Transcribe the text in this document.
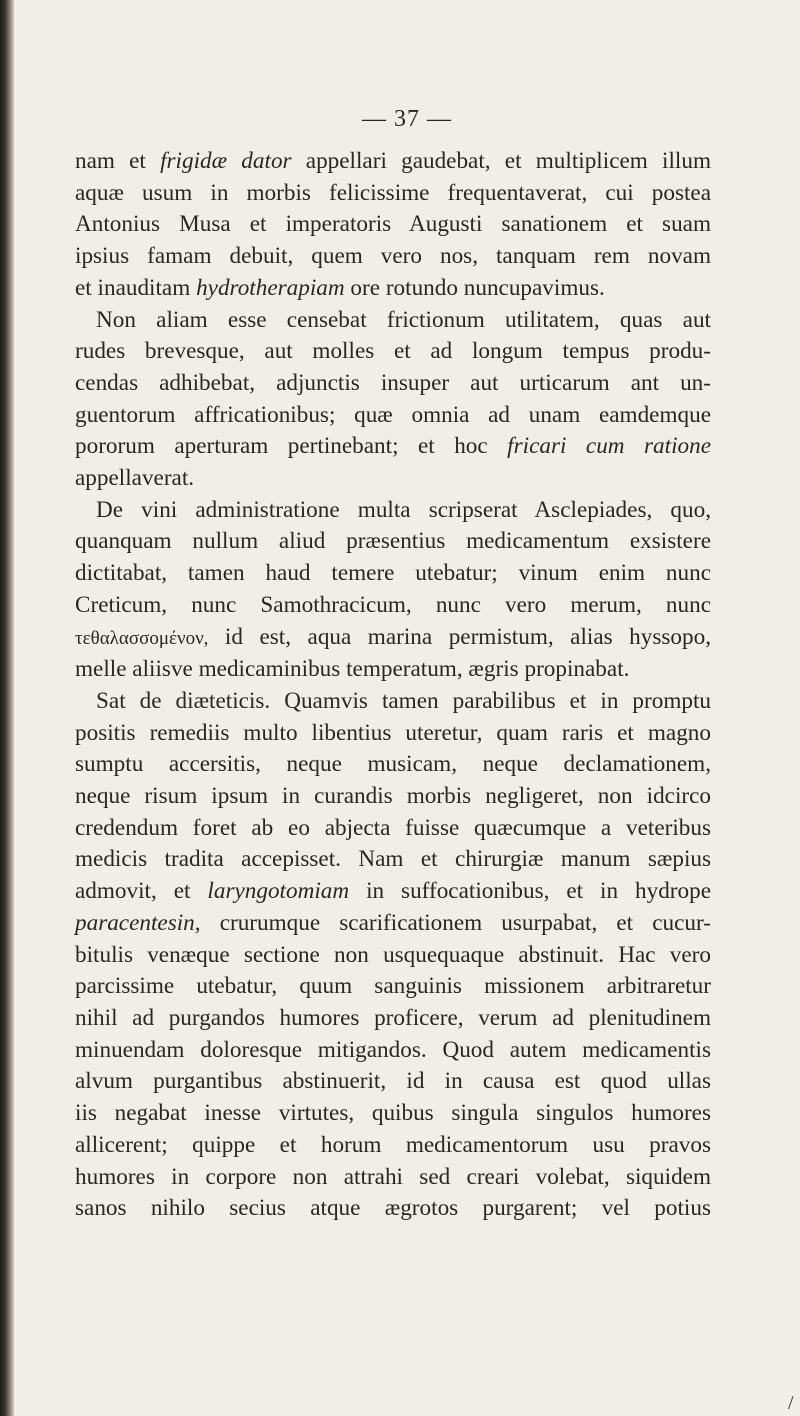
— 37 —
nam et frigidæ dator appellari gaudebat, et multiplicem illum
aquæ usum in morbis felicissime frequentaverat, cui postea
Antonius Musa et imperatoris Augusti sanationem et suam
ipsius famam debuit, quem vero nos, tanquam rem novam
et inauditam hydrotherapiam ore rotundo nuncupavimus.
Non aliam esse censebat frictionum utilitatem, quas aut
rudes brevesque, aut molles et ad longum tempus produ-
cendas adhibebat, adjunctis insuper aut urticarum ant un-
guentorum affricationibus; quæ omnia ad unam eamdemque
pororum aperturam pertinebant; et hoc fricari cum ratione
appellaverat.
De vini administratione multa scripserat Asclepiades, quo,
quanquam nullum aliud præsentius medicamentum exsistere
dictitabat, tamen haud temere utebatur; vinum enim nunc
Creticum, nunc Samothracicum, nunc vero merum, nunc
τεθαλασσομένον, id est, aqua marina permistum, alias hyssopo,
melle aliisve medicaminibus temperatum, ægris propinabat.
Sat de diæteticis. Quamvis tamen parabilibus et in promptu
positis remediis multo libentius uteretur, quam raris et magno
sumptu accersitis, neque musicam, neque declamationem,
neque risum ipsum in curandis morbis negligeret, non idcirco
credendum foret ab eo abjecta fuisse quæcumque a veteribus
medicis tradita accepisset. Nam et chirurgiæ manum sæpius
admovit, et laryngotomiam in suffocationibus, et in hydrope
paracentesin, crurumque scarificationem usurpabat, et cucur-
bitulis venæque sectione non usquequaque abstinuit. Hac vero
parcissime utebatur, quum sanguinis missionem arbitraretur
nihil ad purgandos humores proficere, verum ad plenitudinem
minuendam doloresque mitigandos. Quod autem medicamentis
alvum purgantibus abstinuerit, id in causa est quod ullas
iis negabat inesse virtutes, quibus singula singulos humores
allicerent; quippe et horum medicamentorum usu pravos
humores in corpore non attrahi sed creari volebat, siquidem
sanos nihilo secius atque ægrotos purgarent; vel potius
/
